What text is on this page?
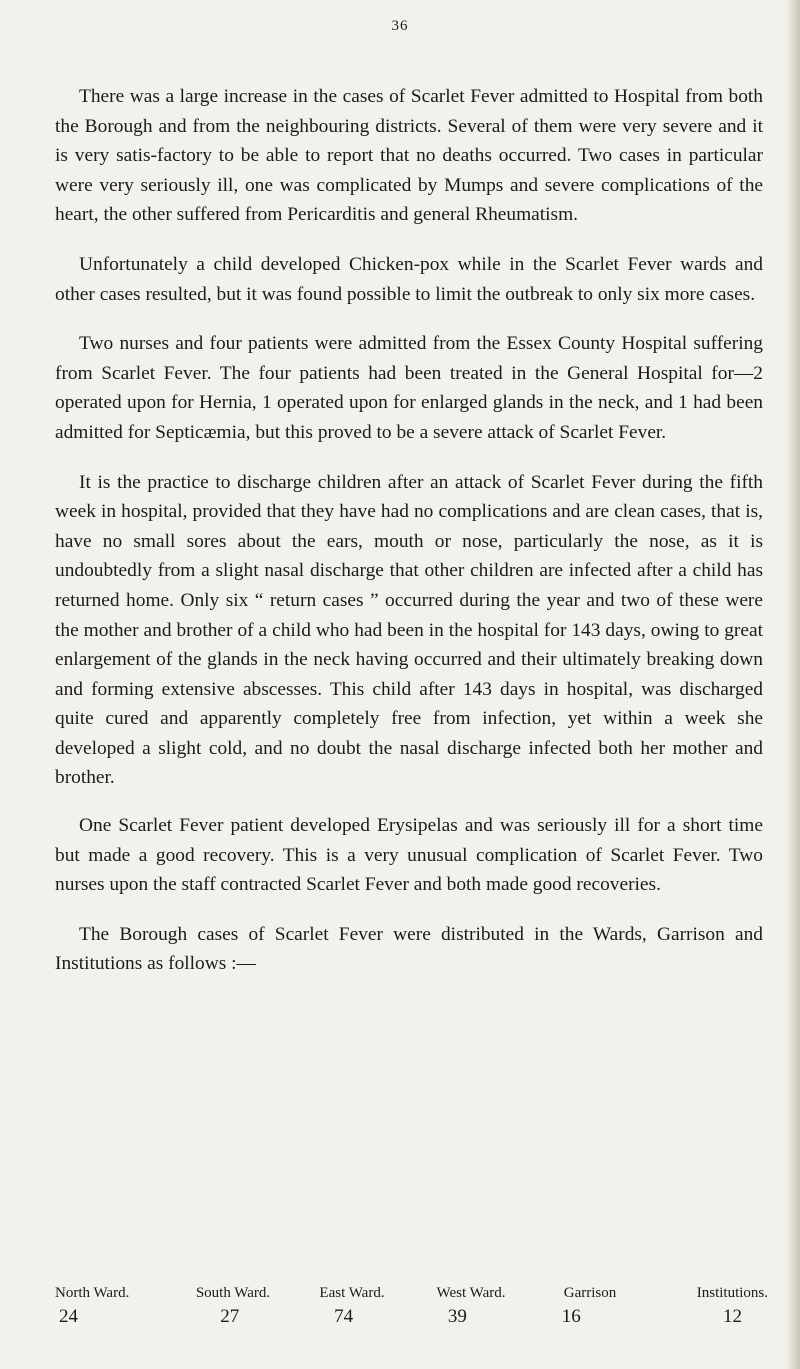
36

There was a large increase in the cases of Scarlet Fever admitted to Hospital from both the Borough and from the neighbouring districts. Several of them were very severe and it is very satis-factory to be able to report that no deaths occurred. Two cases in particular were very seriously ill, one was complicated by Mumps and severe complications of the heart, the other suffered from Pericarditis and general Rheumatism.

Unfortunately a child developed Chicken-pox while in the Scarlet Fever wards and other cases resulted, but it was found possible to limit the outbreak to only six more cases.

Two nurses and four patients were admitted from the Essex County Hospital suffering from Scarlet Fever. The four patients had been treated in the General Hospital for—2 operated upon for Hernia, 1 operated upon for enlarged glands in the neck, and 1 had been admitted for Septicæmia, but this proved to be a severe attack of Scarlet Fever.

It is the practice to discharge children after an attack of Scarlet Fever during the fifth week in hospital, provided that they have had no complications and are clean cases, that is, have no small sores about the ears, mouth or nose, particularly the nose, as it is undoubtedly from a slight nasal discharge that other children are infected after a child has returned home. Only six “ return cases ” occurred during the year and two of these were the mother and brother of a child who had been in the hospital for 143 days, owing to great enlargement of the glands in the neck having occurred and their ultimately breaking down and forming extensive abscesses. This child after 143 days in hospital, was discharged quite cured and apparently completely free from infection, yet within a week she developed a slight cold, and no doubt the nasal discharge infected both her mother and brother.

One Scarlet Fever patient developed Erysipelas and was seriously ill for a short time but made a good recovery. This is a very unusual complication of Scarlet Fever. Two nurses upon the staff contracted Scarlet Fever and both made good recoveries.

The Borough cases of Scarlet Fever were distributed in the Wards, Garrison and Institutions as follows :—

North Ward.	South Ward.	East Ward.	West Ward.	Garrison	Institutions.
24	27	74	39	16	12
